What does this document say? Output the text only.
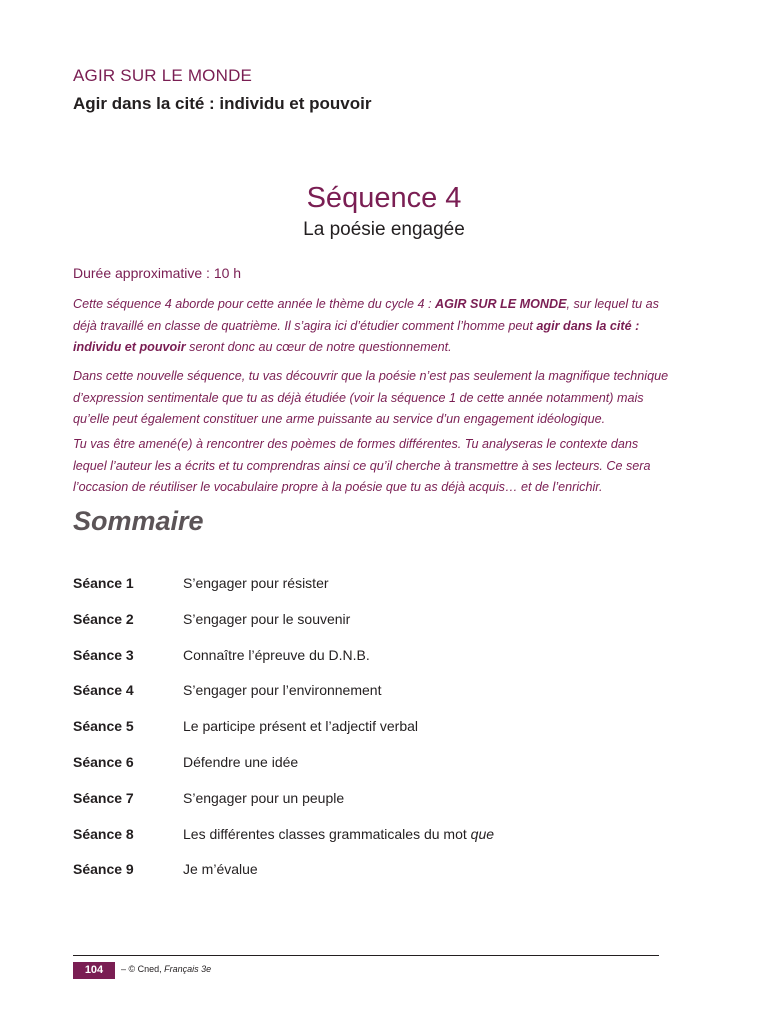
AGIR SUR LE MONDE
Agir dans la cité : individu et pouvoir
Séquence 4
La poésie engagée
Durée approximative : 10 h

Cette séquence 4 aborde pour cette année le thème du cycle 4 : AGIR SUR LE MONDE, sur lequel tu as déjà travaillé en classe de quatrième. Il s’agira ici d’étudier comment l’homme peut agir dans la cité : individu et pouvoir seront donc au cœur de notre questionnement.

Dans cette nouvelle séquence, tu vas découvrir que la poésie n’est pas seulement la magnifique technique d’expression sentimentale que tu as déjà étudiée (voir la séquence 1 de cette année notamment) mais qu’elle peut également constituer une arme puissante au service d’un engagement idéologique.

Tu vas être amené(e) à rencontrer des poèmes de formes différentes. Tu analyseras le contexte dans lequel l’auteur les a écrits et tu comprendras ainsi ce qu’il cherche à transmettre à ses lecteurs. Ce sera l’occasion de réutiliser le vocabulaire propre à la poésie que tu as déjà acquis… et de l’enrichir.

Sommaire
Séance 1	S’engager pour résister
Séance 2	S’engager pour le souvenir
Séance 3	Connaître l’épreuve du D.N.B.
Séance 4	S’engager pour l’environnement
Séance 5	Le participe présent et l’adjectif verbal
Séance 6	Défendre une idée
Séance 7	S’engager pour un peuple
Séance 8	Les différentes classes grammaticales du mot que
Séance 9	Je m’évalue
104	– © Cned, Français 3e
